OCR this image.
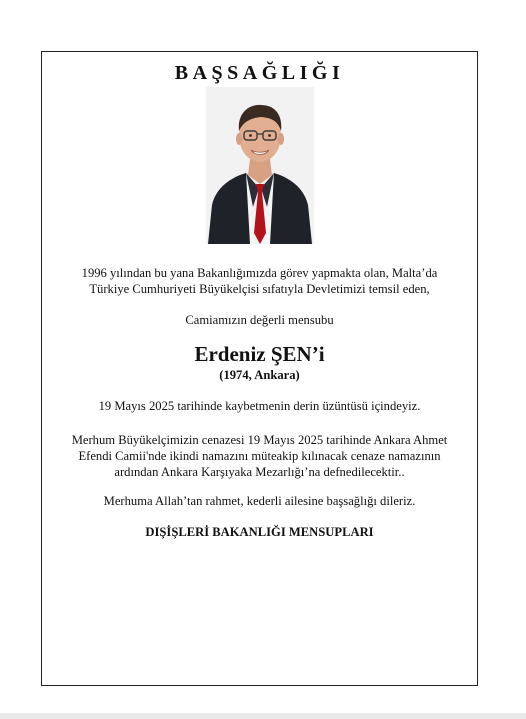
BAŞSAĞLIĞI
1996 yılından bu yana Bakanlığımızda görev yapmakta olan, Malta’da
Türkiye Cumhuriyeti Büyükelçisi sıfatıyla Devletimizi temsil eden,
Camiamızın değerli mensubu
Erdeniz ŞEN’i
(1974, Ankara)
19 Mayıs 2025 tarihinde kaybetmenin derin üzüntüsü içindeyiz.
Merhum Büyükelçimizin cenazesi 19 Mayıs 2025 tarihinde Ankara Ahmet
Efendi Camii'nde ikindi namazını müteakip kılınacak cenaze namazının
ardından Ankara Karşıyaka Mezarlığı’na defnedilecektir..
Merhuma Allah’tan rahmet, kederli ailesine başsağlığı dileriz.
DIŞİŞLERİ BAKANLIĞI MENSUPLARI
